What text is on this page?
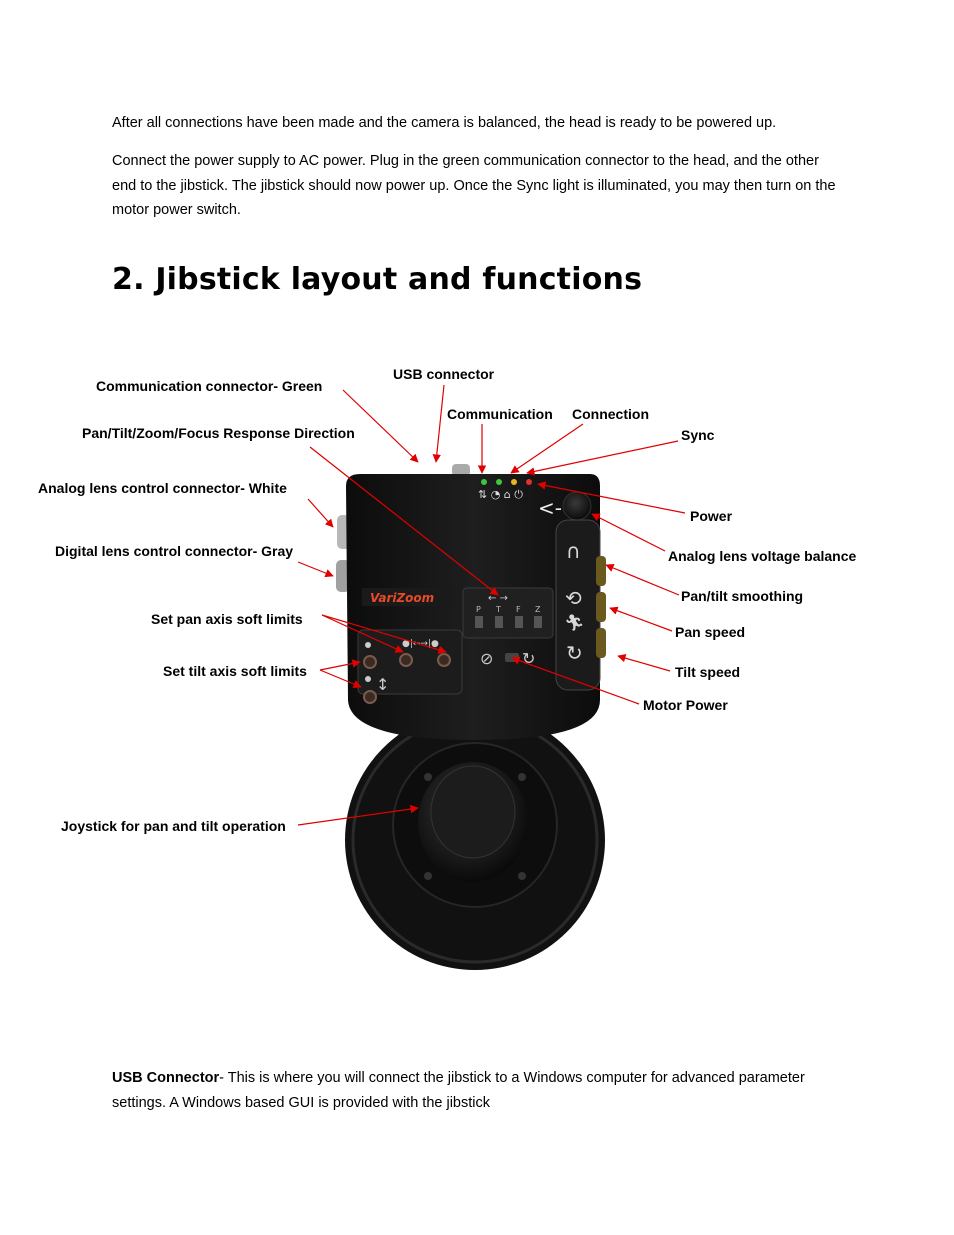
After all connections have been made and the camera is balanced, the head is ready to be powered up.

Connect the power supply to AC power. Plug in the green communication connector to the head, and the other end to the jibstick. The jibstick should now power up. Once the Sync light is illuminated, you may then turn on the motor power switch.

2. Jibstick layout and functions
⇅ ◔ ⌂ ⏻
<-
∩
⟲
🏃︎
↻
VariZoom	← →
P T F Z
●|←→|●
↕
⊘ ↻
Communication connector- Green
USB connector
Communication Connection
Sync
Pan/Tilt/Zoom/Focus Response Direction
Analog lens control connector- White
Power
Digital lens control connector- Gray	Analog lens voltage balance
Pan/tilt smoothing
Set pan axis soft limits
Pan speed
Set tilt axis soft limits	Tilt speed
Motor Power
Joystick for pan and tilt operation

USB Connector- This is where you will connect the jibstick to a Windows computer for advanced parameter settings. A Windows based GUI is provided with the jibstick
